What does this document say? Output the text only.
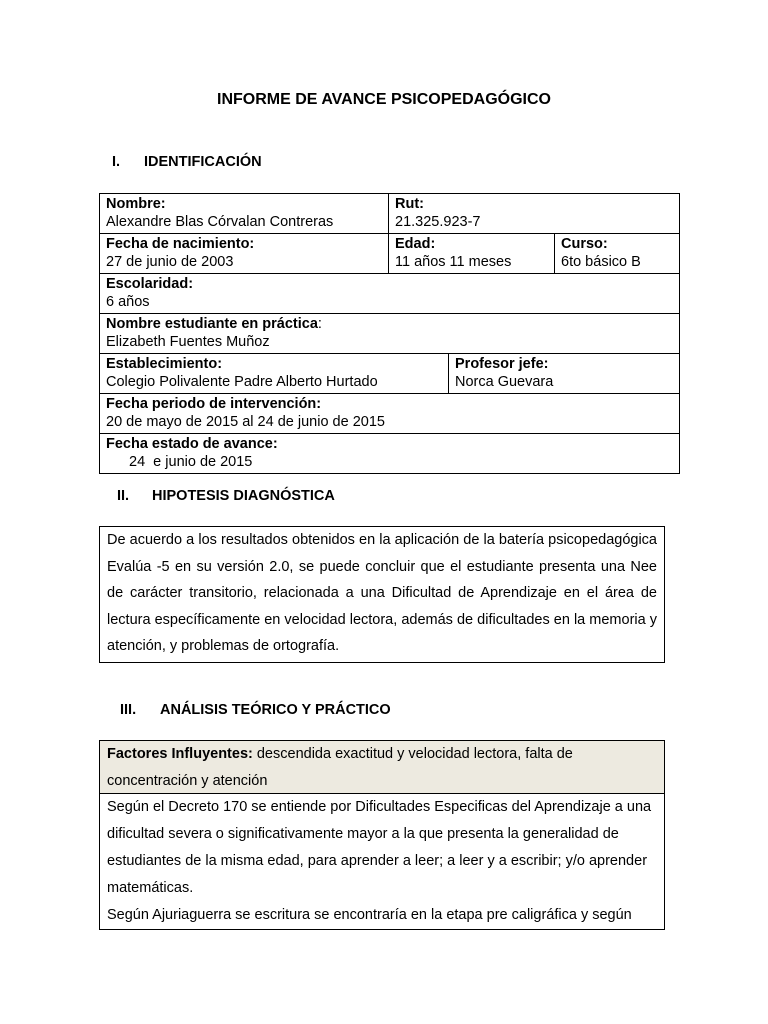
INFORME DE AVANCE PSICOPEDAGÓGICO
I. IDENTIFICACIÓN
Nombre:
Alexandre Blas Córvalan Contreras	Rut:
21.325.923-7		

Fecha de nacimiento:
27 de junio de 2003	Edad:
11 años 11 meses		Curso:
6to básico B

Escolaridad:
6 años			

Nombre estudiante en práctica:
Elizabeth Fuentes Muñoz			

Establecimiento:
Colegio Polivalente Padre Alberto Hurtado		Profesor jefe:
Norca Guevara	

Fecha periodo de intervención:
20 de mayo de 2015 al 24 de junio de 2015			

Fecha estado de avance:
24  e junio de 2015			
II. HIPOTESIS DIAGNÓSTICA
De acuerdo a los resultados obtenidos en la aplicación de la batería psicopedagógica Evalúa -5 en su versión 2.0, se puede concluir que el estudiante presenta una Nee de carácter transitorio, relacionada a una Dificultad de Aprendizaje en el área de lectura específicamente en velocidad lectora, además de dificultades en la memoria y atención, y problemas de ortografía.
III. ANÁLISIS TEÓRICO Y PRÁCTICO
Factores Influyentes: descendida exactitud y velocidad lectora, falta de concentración y atención

Según el Decreto 170 se entiende por Dificultades Especificas del Aprendizaje a una dificultad severa o significativamente mayor a la que presenta la generalidad de estudiantes de la misma edad, para aprender a leer; a leer y a escribir; y/o aprender matemáticas.

Según Ajuriaguerra se escritura se encontraría en la etapa pre caligráfica y según
